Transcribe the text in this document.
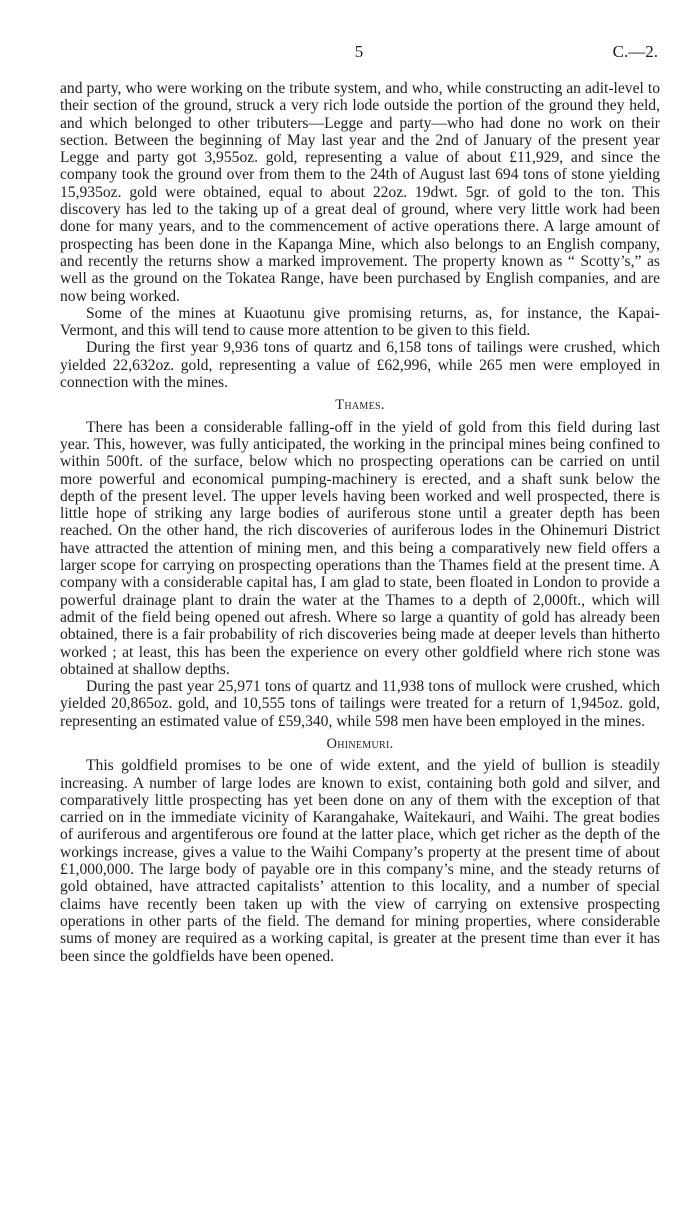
5	C.—2.

and party, who were working on the tribute system, and who, while constructing an adit-level to their section of the ground, struck a very rich lode outside the portion of the ground they held, and which belonged to other tributers—Legge and party—who had done no work on their section. Between the beginning of May last year and the 2nd of January of the present year Legge and party got 3,955oz. gold, representing a value of about £11,929, and since the company took the ground over from them to the 24th of August last 694 tons of stone yielding 15,935oz. gold were obtained, equal to about 22oz. 19dwt. 5gr. of gold to the ton. This discovery has led to the taking up of a great deal of ground, where very little work had been done for many years, and to the commencement of active operations there. A large amount of prospecting has been done in the Kapanga Mine, which also belongs to an English company, and recently the returns show a marked improvement. The property known as “ Scotty’s,” as well as the ground on the Tokatea Range, have been purchased by English companies, and are now being worked.

Some of the mines at Kuaotunu give promising returns, as, for instance, the Kapai-Vermont, and this will tend to cause more attention to be given to this field.

During the first year 9,936 tons of quartz and 6,158 tons of tailings were crushed, which yielded 22,632oz. gold, representing a value of £62,996, while 265 men were employed in connection with the mines.

Thames.

There has been a considerable falling-off in the yield of gold from this field during last year. This, however, was fully anticipated, the working in the principal mines being confined to within 500ft. of the surface, below which no prospecting operations can be carried on until more powerful and economical pumping-machinery is erected, and a shaft sunk below the depth of the present level. The upper levels having been worked and well prospected, there is little hope of striking any large bodies of auriferous stone until a greater depth has been reached. On the other hand, the rich discoveries of auriferous lodes in the Ohinemuri District have attracted the attention of mining men, and this being a comparatively new field offers a larger scope for carrying on prospecting operations than the Thames field at the present time. A company with a considerable capital has, I am glad to state, been floated in London to provide a powerful drainage plant to drain the water at the Thames to a depth of 2,000ft., which will admit of the field being opened out afresh. Where so large a quantity of gold has already been obtained, there is a fair probability of rich discoveries being made at deeper levels than hitherto worked ; at least, this has been the experience on every other goldfield where rich stone was obtained at shallow depths.

During the past year 25,971 tons of quartz and 11,938 tons of mullock were crushed, which yielded 20,865oz. gold, and 10,555 tons of tailings were treated for a return of 1,945oz. gold, representing an estimated value of £59,340, while 598 men have been employed in the mines.

Ohinemuri.

This goldfield promises to be one of wide extent, and the yield of bullion is steadily increasing. A number of large lodes are known to exist, containing both gold and silver, and comparatively little prospecting has yet been done on any of them with the exception of that carried on in the immediate vicinity of Karangahake, Waitekauri, and Waihi. The great bodies of auriferous and argentiferous ore found at the latter place, which get richer as the depth of the workings increase, gives a value to the Waihi Company’s property at the present time of about £1,000,000. The large body of payable ore in this company’s mine, and the steady returns of gold obtained, have attracted capitalists’ attention to this locality, and a number of special claims have recently been taken up with the view of carrying on extensive prospecting operations in other parts of the field. The demand for mining properties, where considerable sums of money are required as a working capital, is greater at the present time than ever it has been since the goldfields have been opened.
